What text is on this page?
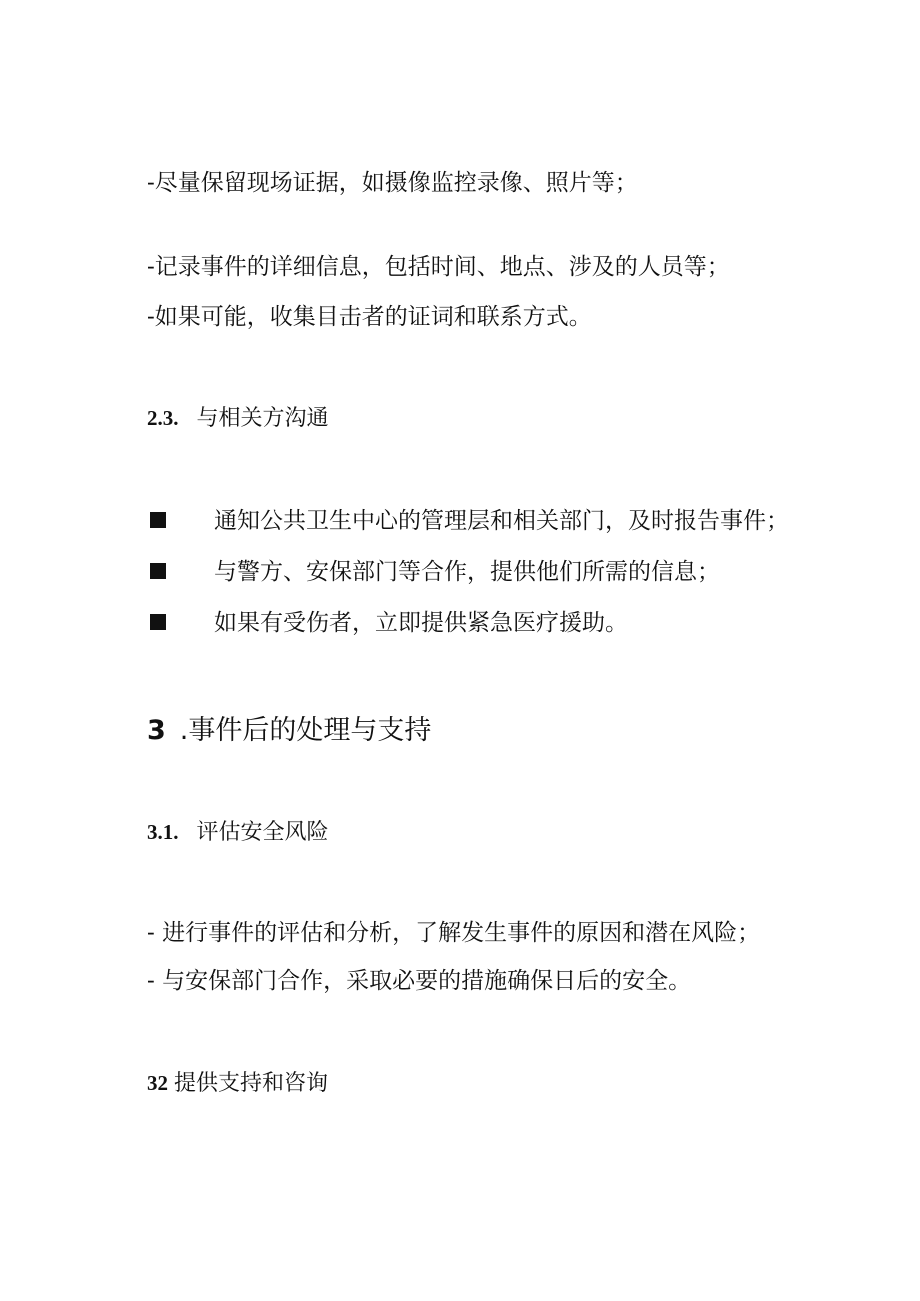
-尽量保留现场证据，如摄像监控录像、照片等；
-记录事件的详细信息，包括时间、地点、涉及的人员等；
-如果可能，收集目击者的证词和联系方式。
2.3. 与相关方沟通
通知公共卫生中心的管理层和相关部门，及时报告事件；
与警方、安保部门等合作，提供他们所需的信息；
如果有受伤者，立即提供紧急医疗援助。
3 .事件后的处理与支持
3.1. 评估安全风险
- 进行事件的评估和分析，了解发生事件的原因和潜在风险；
- 与安保部门合作，采取必要的措施确保日后的安全。
32 提供支持和咨询
